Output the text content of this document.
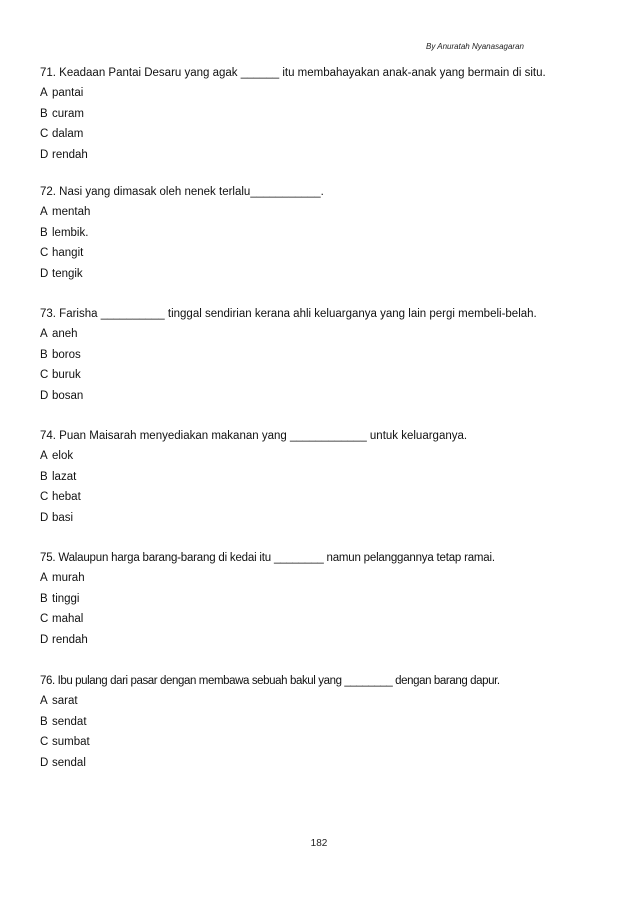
By Anuratah Nyanasagaran
71. Keadaan Pantai Desaru yang agak ______ itu membahayakan anak-anak yang bermain di situ.
A pantai
B curam
C dalam
D rendah
72. Nasi yang dimasak oleh nenek terlalu___________.
A mentah
B lembik.
C hangit
D tengik
73. Farisha __________ tinggal sendirian kerana ahli keluarganya yang lain pergi membeli-belah.
A aneh
B boros
C buruk
D bosan
74. Puan Maisarah menyediakan makanan yang ____________ untuk keluarganya.
A elok
B lazat
C hebat
D basi
75. Walaupun harga barang-barang di kedai itu ________ namun pelanggannya tetap ramai.
A murah
B tinggi
C mahal
D rendah
76. Ibu pulang dari pasar dengan membawa sebuah bakul yang ________ dengan barang dapur.
A sarat
B sendat
C sumbat
D sendal
182
